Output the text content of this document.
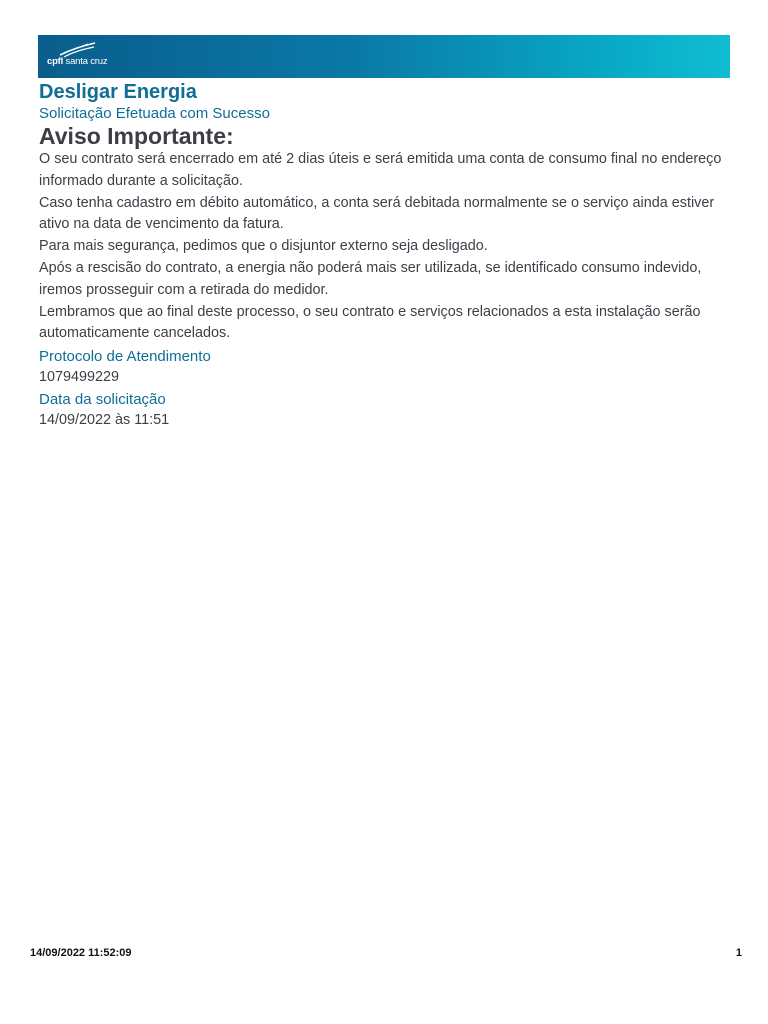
cpfl santa cruz
Desligar Energia
Solicitação Efetuada com Sucesso
Aviso Importante:

O seu contrato será encerrado em até 2 dias úteis e será emitida uma conta de consumo final no endereço informado durante a solicitação.

Caso tenha cadastro em débito automático, a conta será debitada normalmente se o serviço ainda estiver ativo na data de vencimento da fatura.

Para mais segurança, pedimos que o disjuntor externo seja desligado.

Após a rescisão do contrato, a energia não poderá mais ser utilizada, se identificado consumo indevido, iremos prosseguir com a retirada do medidor.

Lembramos que ao final deste processo, o seu contrato e serviços relacionados a esta instalação serão automaticamente cancelados.

Protocolo de Atendimento
1079499229
Data da solicitação
14/09/2022 às 11:51
14/09/2022 11:52:09	1
